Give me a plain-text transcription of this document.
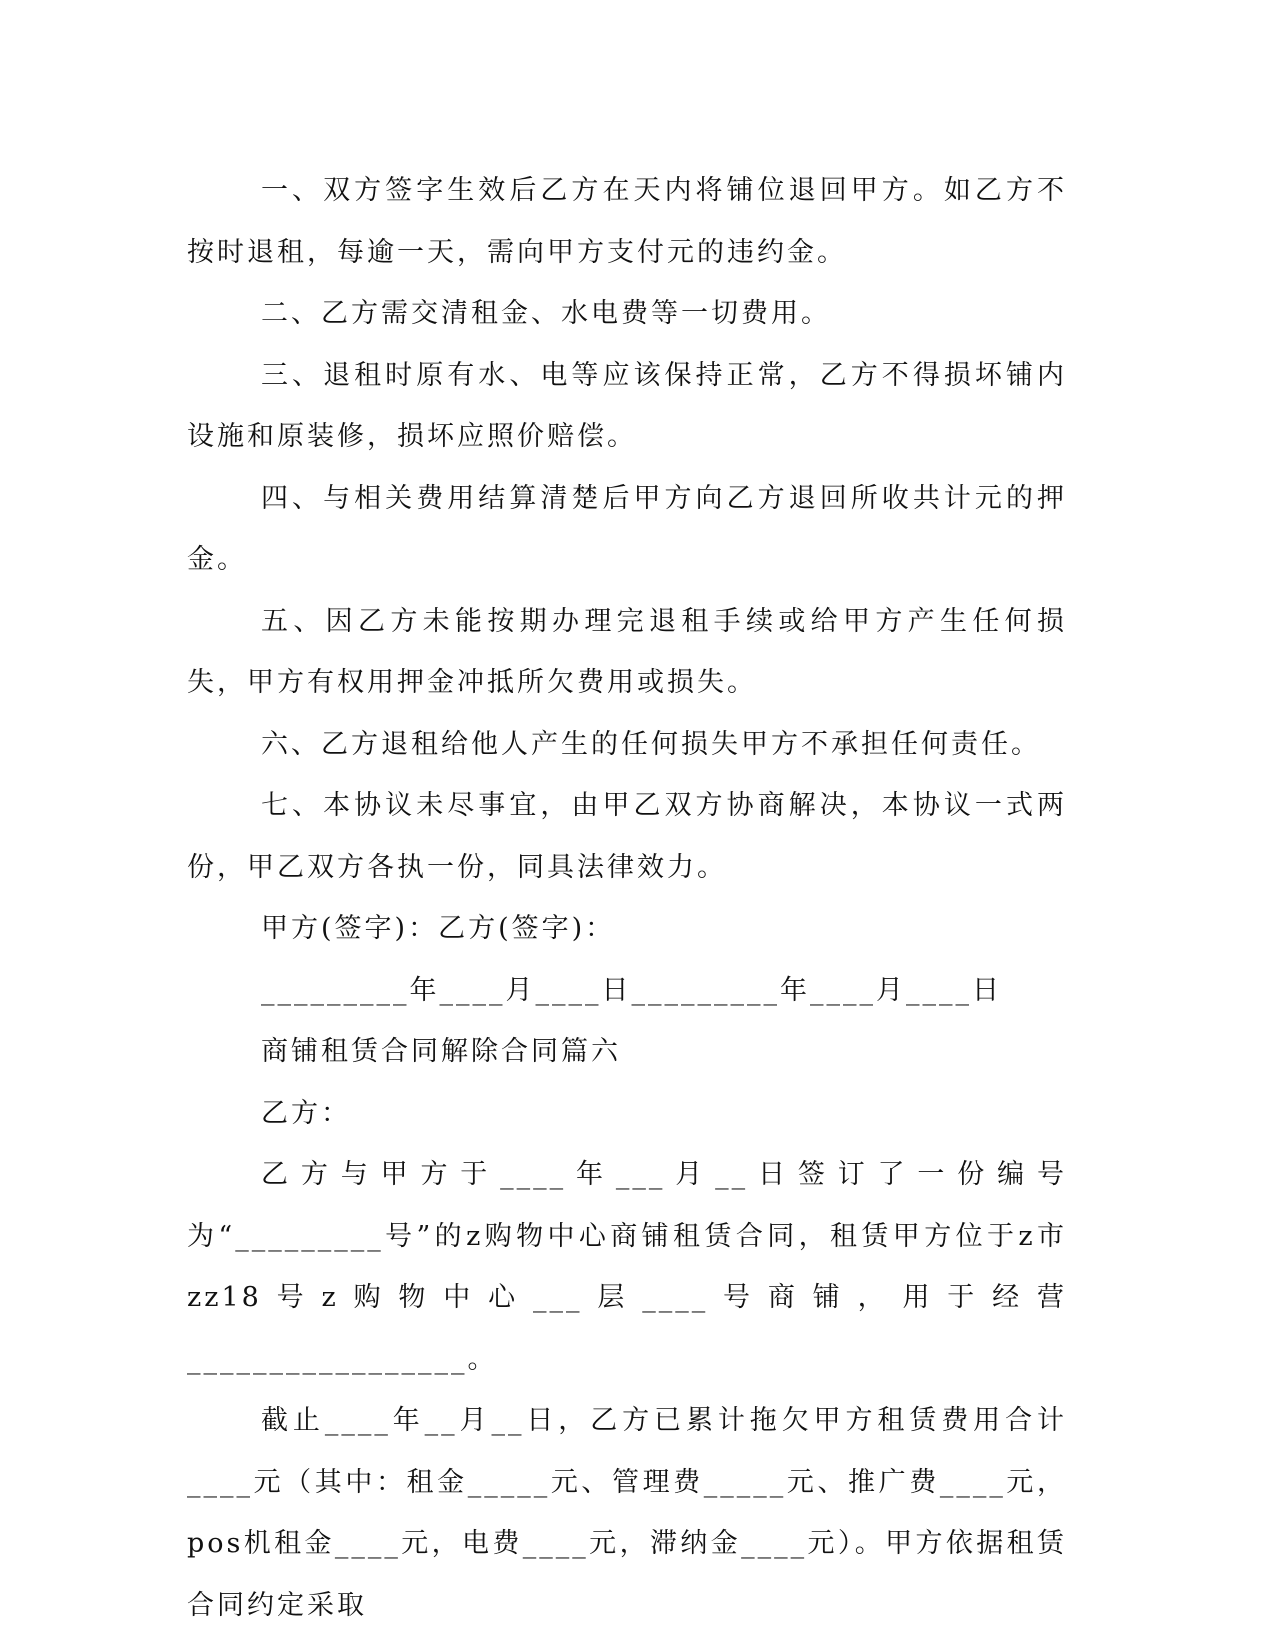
一、双方签字生效后乙方在天内将铺位退回甲方。如乙方不按时退租，每逾一天，需向甲方支付元的违约金。

二、乙方需交清租金、水电费等一切费用。

三、退租时原有水、电等应该保持正常，乙方不得损坏铺内设施和原装修，损坏应照价赔偿。

四、与相关费用结算清楚后甲方向乙方退回所收共计元的押金。

五、因乙方未能按期办理完退租手续或给甲方产生任何损失，甲方有权用押金冲抵所欠费用或损失。

六、乙方退租给他人产生的任何损失甲方不承担任何责任。

七、本协议未尽事宜，由甲乙双方协商解决，本协议一式两份，甲乙双方各执一份，同具法律效力。

甲方(签字)：乙方(签字)：

_________年____月____日_________年____月____日

商铺租赁合同解除合同篇六

乙方：

乙方与甲方于____年___月__日签订了一份编号为“_________号”的z购物中心商铺租赁合同，租赁甲方位于z市zz18号z购物中心___层____号商铺，用于经营_________________。

截止____年__月__日，乙方已累计拖欠甲方租赁费用合计____元（其中：租金_____元、管理费_____元、推广费____元，pos机租金____元，电费____元，滞纳金____元）。甲方依据租赁合同约定采取
